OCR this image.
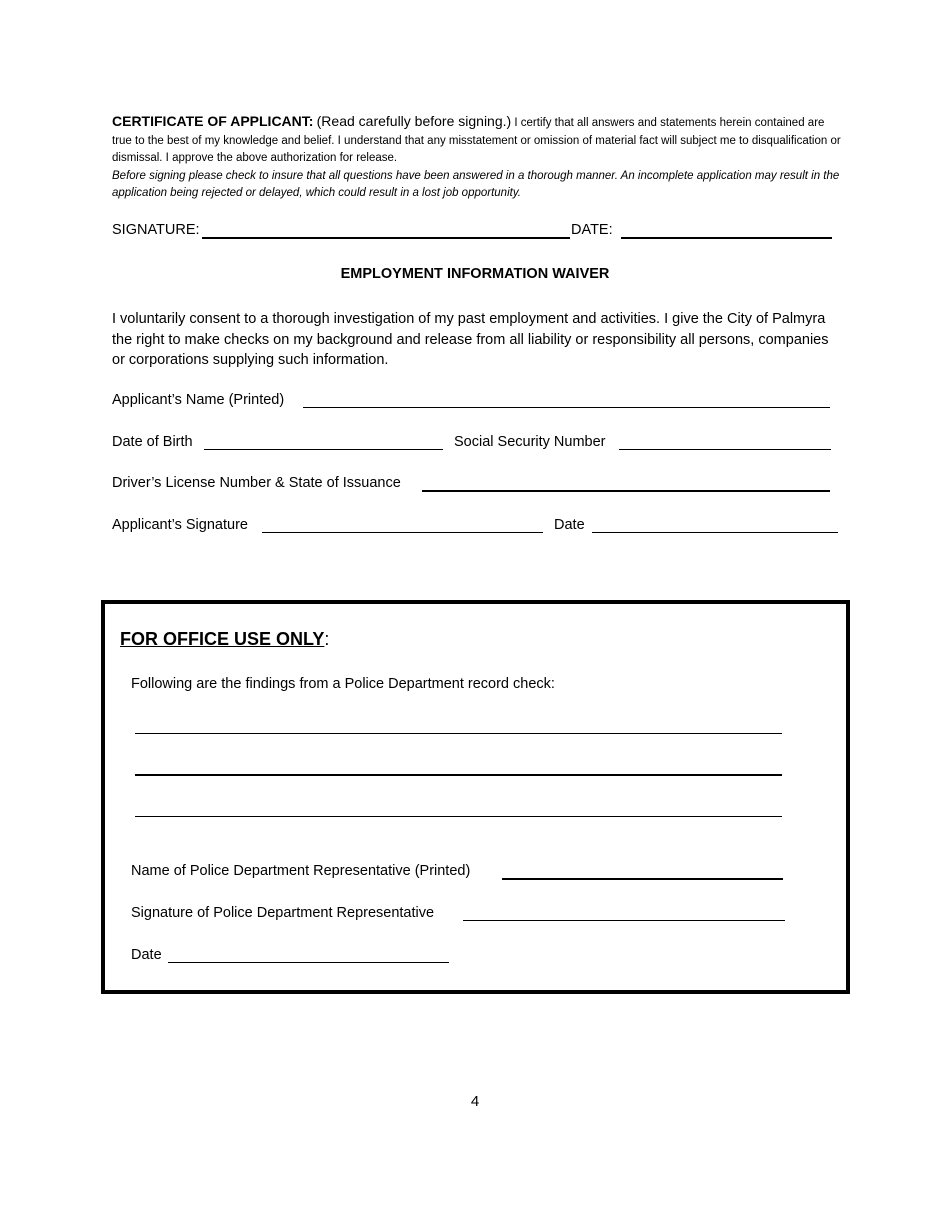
CERTIFICATE OF APPLICANT: (Read carefully before signing.) I certify that all answers and statements herein contained are true to the best of my knowledge and belief. I understand that any misstatement or omission of material fact will subject me to disqualification or dismissal. I approve the above authorization for release.
Before signing please check to insure that all questions have been answered in a thorough manner. An incomplete application may result in the application being rejected or delayed, which could result in a lost job opportunity.
SIGNATURE:	DATE:
EMPLOYMENT INFORMATION WAIVER
I voluntarily consent to a thorough investigation of my past employment and activities. I give the City of Palmyra the right to make checks on my background and release from all liability or responsibility all persons, companies or corporations supplying such information.
Applicant’s Name (Printed)
Date of Birth	Social Security Number
Driver’s License Number & State of Issuance
Applicant’s Signature	Date
FOR OFFICE USE ONLY:
Following are the findings from a Police Department record check:
Name of Police Department Representative (Printed)
Signature of Police Department Representative
Date
4
